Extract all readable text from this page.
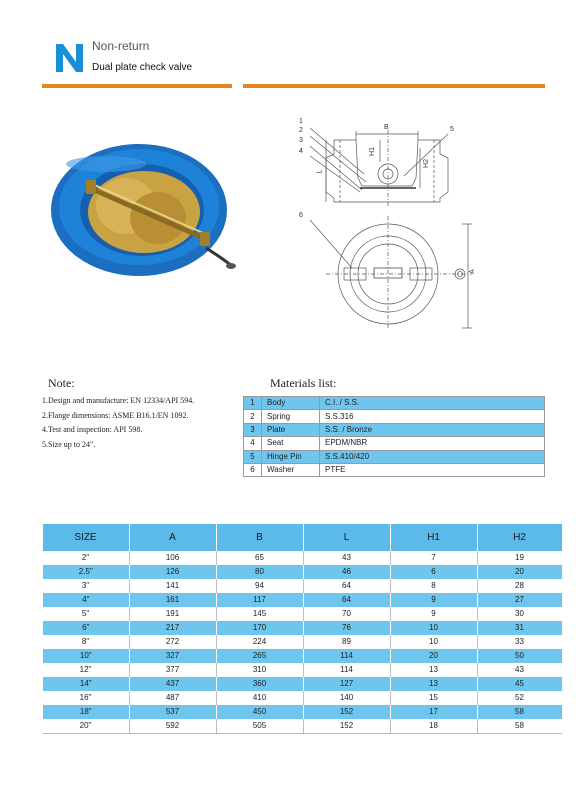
Non-return
Dual plate check valve
1
2
3
4
5
6
B
H1
H2
L
A
Note:
1.Design and manufacture: EN 12334/API 594.
2.Flange dimensions: ASME B16.1/EN 1092.
4.Test and inspection: API 598.
5.Size up to 24".
Materials list:
1	Body	C.I. / S.S.
2	Spring	S.S.316
3	Plate	S.S. / Bronze
4	Seat	EPDM/NBR
5	Hinge Pin	S.S.410/420
6	Washer	PTFE
SIZE	A	B	L	H1	H2
2"	106	65	43	7	19
2.5"	126	80	46	6	20
3"	141	94	64	8	28
4"	161	117	64	9	27
5"	191	145	70	9	30
6"	217	170	76	10	31
8"	272	224	89	10	33
10"	327	265	114	20	50
12"	377	310	114	13	43
14"	437	360	127	13	45
16"	487	410	140	15	52
18"	537	450	152	17	58
20"	592	505	152	18	58
